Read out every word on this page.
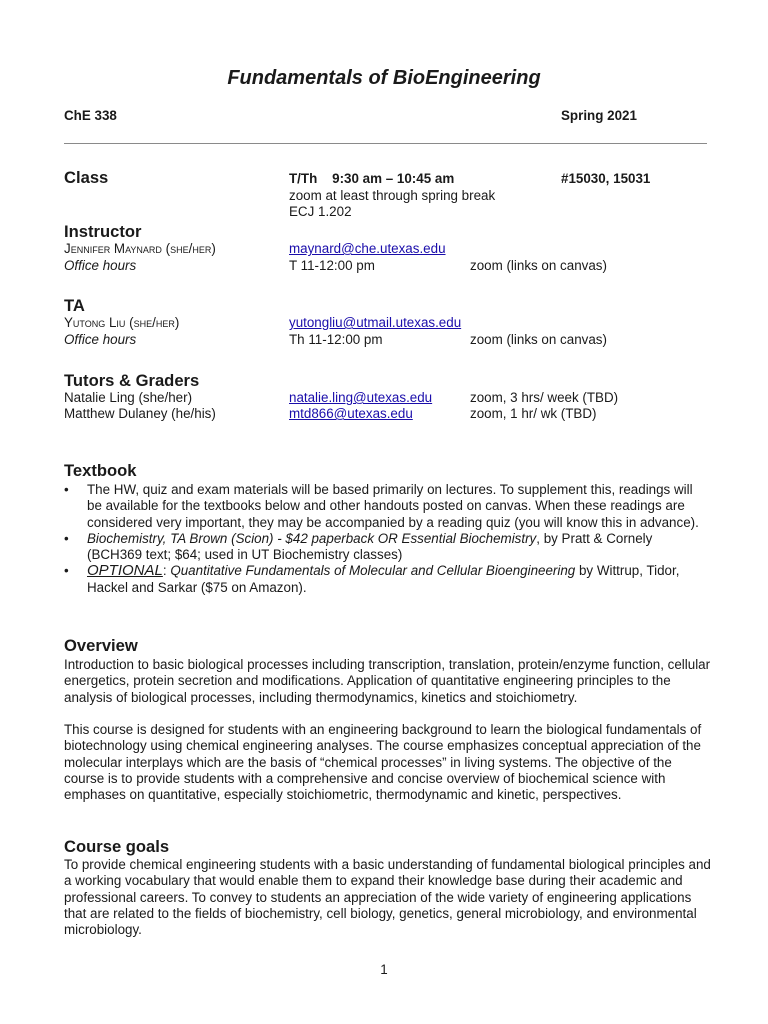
Fundamentals of BioEngineering
ChE 338	Spring 2021
Class	T/Th    9:30 am – 10:45 am	#15030, 15031
zoom at least through spring break
ECJ 1.202
Instructor
Jennifer Maynard (she/her)	maynard@che.utexas.edu
Office hours	T 11-12:00 pm	zoom (links on canvas)
TA
Yutong Liu (she/her)	yutongliu@utmail.utexas.edu
Office hours	Th 11-12:00 pm	zoom (links on canvas)
Tutors & Graders
Natalie Ling (she/her)	natalie.ling@utexas.edu	zoom, 3 hrs/ week (TBD)
Matthew Dulaney (he/his)	mtd866@utexas.edu	zoom, 1 hr/ wk (TBD)
Textbook
• The HW, quiz and exam materials will be based primarily on lectures. To supplement this, readings will be available for the textbooks below and other handouts posted on canvas. When these readings are considered very important, they may be accompanied by a reading quiz (you will know this in advance).
• Biochemistry, TA Brown (Scion) - $42 paperback OR Essential Biochemistry, by Pratt & Cornely (BCH369 text; $64; used in UT Biochemistry classes)
• OPTIONAL: Quantitative Fundamentals of Molecular and Cellular Bioengineering by Wittrup, Tidor, Hackel and Sarkar ($75 on Amazon).
Overview

Introduction to basic biological processes including transcription, translation, protein/enzyme function, cellular energetics, protein secretion and modifications. Application of quantitative engineering principles to the analysis of biological processes, including thermodynamics, kinetics and stoichiometry.

This course is designed for students with an engineering background to learn the biological fundamentals of biotechnology using chemical engineering analyses. The course emphasizes conceptual appreciation of the molecular interplays which are the basis of “chemical processes” in living systems. The objective of the course is to provide students with a comprehensive and concise overview of biochemical science with emphases on quantitative, especially stoichiometric, thermodynamic and kinetic, perspectives.

Course goals

To provide chemical engineering students with a basic understanding of fundamental biological principles and a working vocabulary that would enable them to expand their knowledge base during their academic and professional careers. To convey to students an appreciation of the wide variety of engineering applications that are related to the fields of biochemistry, cell biology, genetics, general microbiology, and environmental microbiology.

1
